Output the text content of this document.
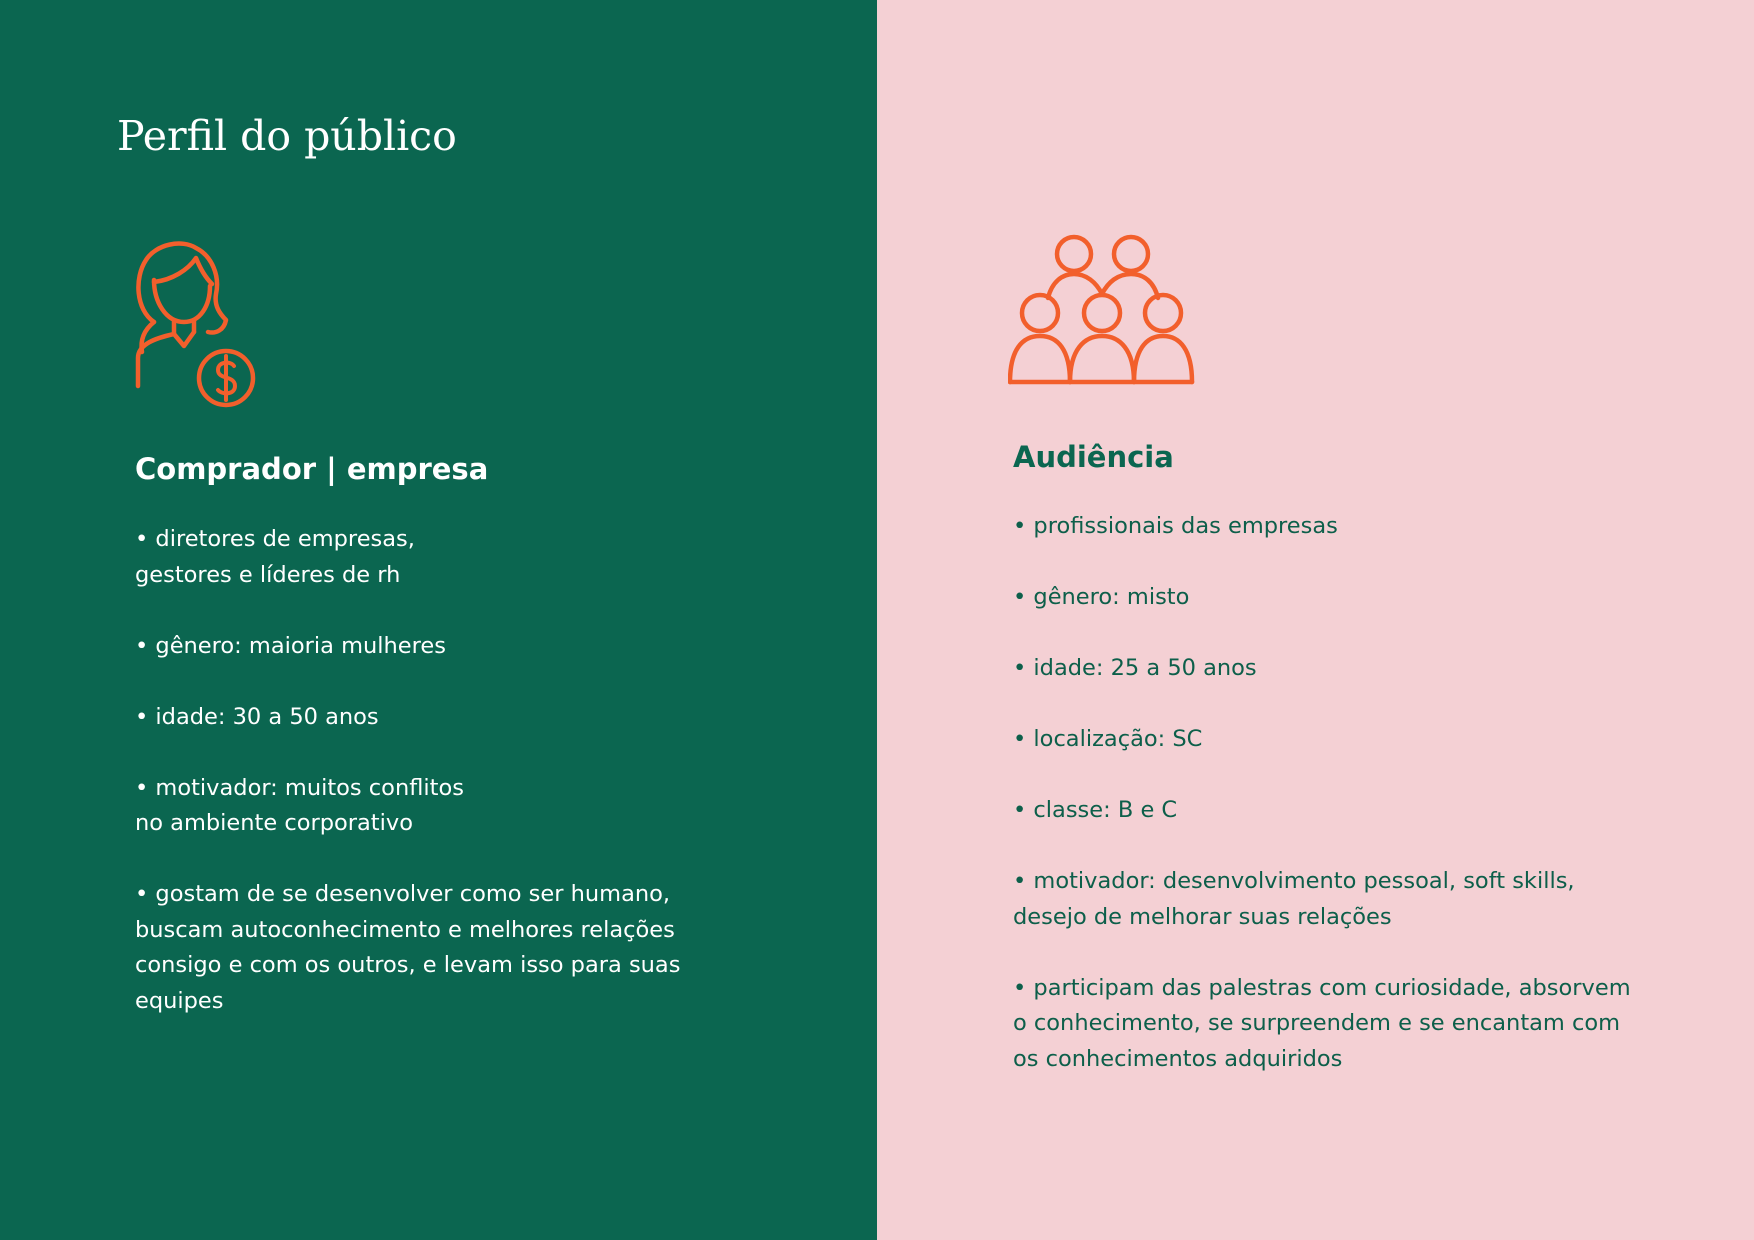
Perfil do público
Comprador | empresa
• diretores de empresas,
gestores e líderes de rh
• gênero: maioria mulheres
• idade: 30 a 50 anos
• motivador: muitos conflitos
no ambiente corporativo
• gostam de se desenvolver como ser humano, buscam autoconhecimento e melhores relações consigo e com os outros, e levam isso para suas equipes
Audiência
• profissionais das empresas
• gênero: misto
• idade: 25 a 50 anos
• localização: SC
• classe: B e C
• motivador: desenvolvimento pessoal, soft skills, desejo de melhorar suas relações
• participam das palestras com curiosidade, absorvem o conhecimento, se surpreendem e se encantam com os conhecimentos adquiridos
